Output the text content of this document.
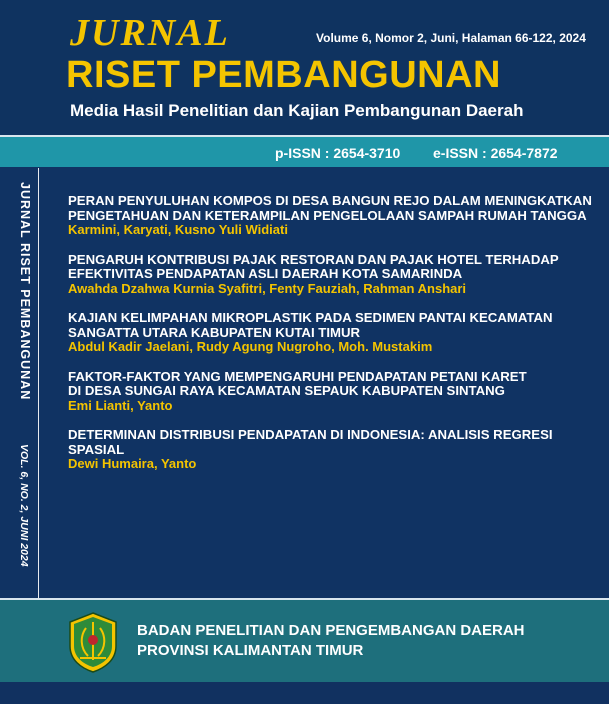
JURNAL	Volume 6, Nomor 2, Juni, Halaman 66-122, 2024
RISET PEMBANGUNAN
Media Hasil Penelitian dan Kajian Pembangunan Daerah
p-ISSN : 2654-3710 e-ISSN : 2654-7872
JURNAL RISET PEMBANGUNAN
VOL. 6, NO. 2, JUNI 2024
PERAN PENYULUHAN KOMPOS DI DESA BANGUN REJO DALAM MENINGKATKAN
PENGETAHUAN DAN KETERAMPILAN PENGELOLAAN SAMPAH RUMAH TANGGA
Karmini, Karyati, Kusno Yuli Widiati
PENGARUH KONTRIBUSI PAJAK RESTORAN DAN PAJAK HOTEL TERHADAP
EFEKTIVITAS PENDAPATAN ASLI DAERAH KOTA SAMARINDA
Awahda Dzahwa Kurnia Syafitri, Fenty Fauziah, Rahman Anshari
KAJIAN KELIMPAHAN MIKROPLASTIK PADA SEDIMEN PANTAI KECAMATAN
SANGATTA UTARA KABUPATEN KUTAI TIMUR
Abdul Kadir Jaelani, Rudy Agung Nugroho, Moh. Mustakim
FAKTOR-FAKTOR YANG MEMPENGARUHI PENDAPATAN PETANI KARET
DI DESA SUNGAI RAYA KECAMATAN SEPAUK KABUPATEN SINTANG
Emi Lianti, Yanto
DETERMINAN DISTRIBUSI PENDAPATAN DI INDONESIA: ANALISIS REGRESI SPASIAL
Dewi Humaira, Yanto
BADAN PENELITIAN DAN PENGEMBANGAN DAERAH
PROVINSI KALIMANTAN TIMUR
